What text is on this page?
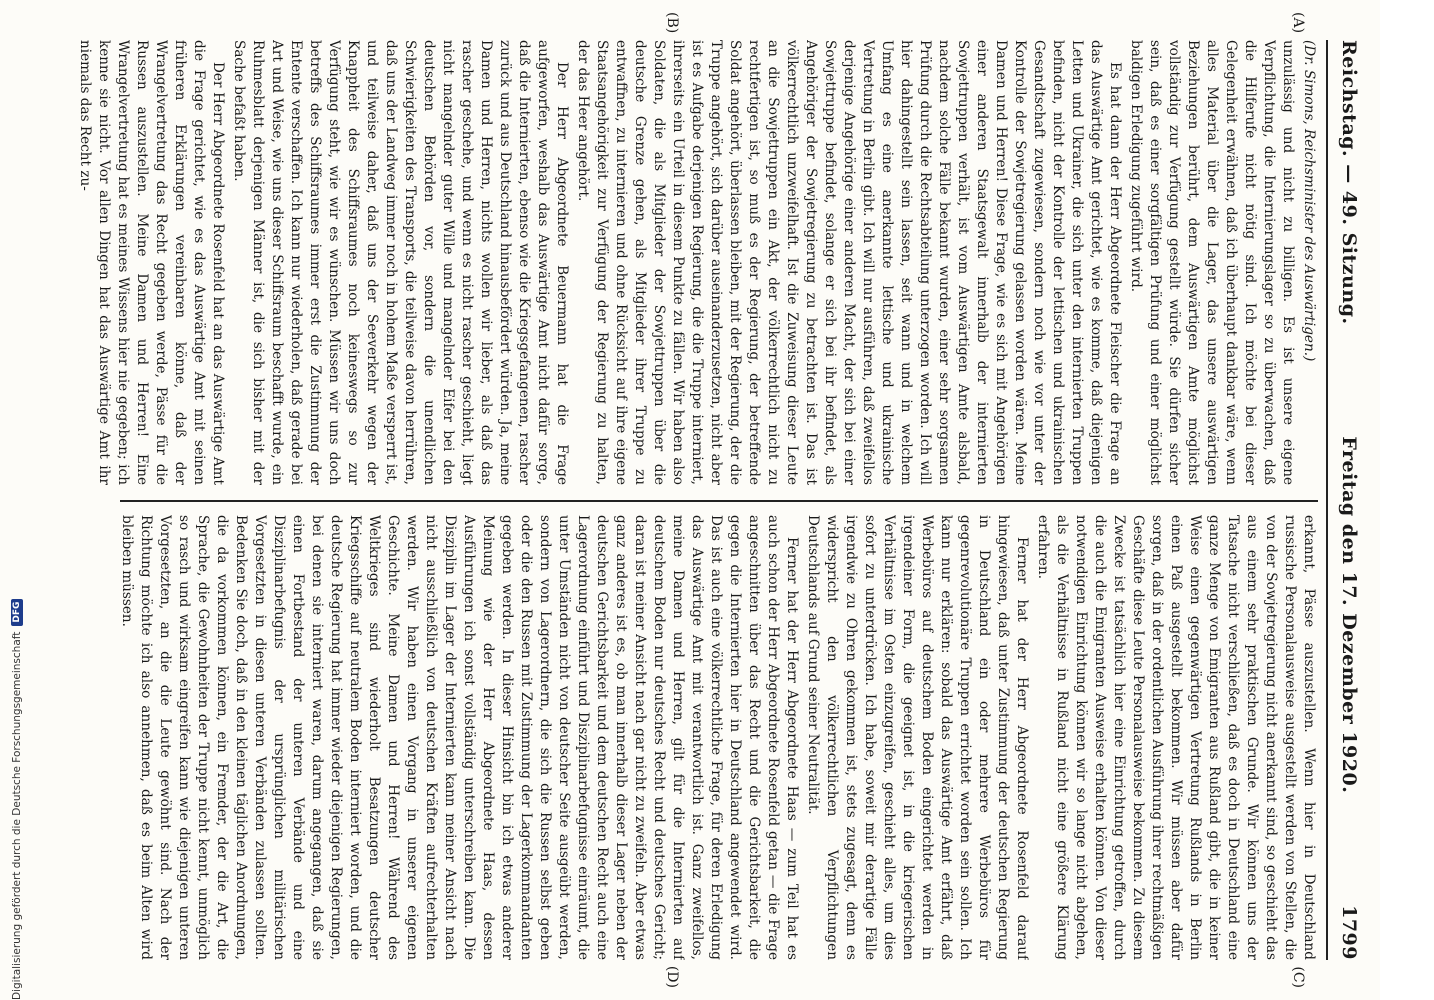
Reichstag. — 49. Sitzung.
Freitag den 17. Dezember 1920.
1799
(A)
(B)
(C)
(D)

(Dr. Simons, Reichsminister des Auswärtigen.)

unzulässig und nicht zu billigen. Es ist unsere eigene Verpflichtung, die Internierungslager so zu überwachen, daß die Hilferufe nicht nötig sind. Ich möchte bei dieser Gelegenheit erwähnen, daß ich überhaupt dankbar wäre, wenn alles Material über die Lager, das unsere auswärtigen Beziehungen berührt, dem Auswärtigen Amte möglichst vollständig zur Verfügung gestellt würde. Sie dürfen sicher sein, daß es einer sorgfältigen Prüfung und einer möglichst baldigen Erledigung zugeführt wird.

Es hat dann der Herr Abgeordnete Fleischer die Frage an das Auswärtige Amt gerichtet, wie es komme, daß diejenigen Letten und Ukrainer, die sich unter den internierten Truppen befinden, nicht der Kontrolle der lettischen und ukrainischen Gesandtschaft zugewiesen, sondern noch wie vor unter der Kontrolle der Sowjetregierung gelassen worden wären. Meine Damen und Herren! Diese Frage, wie es sich mit Angehörigen einer anderen Staatsgewalt innerhalb der internierten Sowjettruppen verhält, ist vom Auswärtigen Amte alsbald, nachdem solche Fälle bekannt wurden, einer sehr sorgsamen Prüfung durch die Rechtsabteilung unterzogen worden. Ich will hier dahingestellt sein lassen, seit wann und in welchem Umfang es eine anerkannte lettische und ukrainische Vertretung in Berlin gibt. Ich will nur ausführen, daß zweifellos derjenige Angehörige einer anderen Macht, der sich bei einer Sowjettruppe befindet, solange er sich bei ihr befindet, als Angehöriger der Sowjetregierung zu betrachten ist. Das ist völkerrechtlich unzweifelhaft. Ist die Zuweisung dieser Leute an die Sowjettruppen ein Akt, der völkerrechtlich nicht zu rechtfertigen ist, so muß es der Regierung, der betreffende Soldat angehört, überlassen bleiben, mit der Regierung, der die Truppe angehört, sich darüber auseinanderzusetzen, nicht aber ist es Aufgabe derjenigen Regierung, die die Truppe interniert, ihrerseits ein Urteil in diesem Punkte zu fällen. Wir haben also Soldaten, die als Mitglieder der Sowjettruppen über die deutsche Grenze gehen, als Mitglieder ihrer Truppe zu entwaffnen, zu internieren und ohne Rücksicht auf ihre eigene Staatsangehörigkeit zur Verfügung der Regierung zu halten, der das Heer angehört.

Der Herr Abgeordnete Beuermann hat die Frage aufgeworfen, weshalb das Auswärtige Amt nicht dafür sorge, daß die Internierten, ebenso wie die Kriegsgefangenen, rascher zurück und aus Deutschland hinausbefördert würden. Ja, meine Damen und Herren, nichts wollen wir lieber, als daß das rascher geschehe, und wenn es nicht rascher geschieht, liegt nicht mangelnder guter Wille und mangelnder Eifer bei den deutschen Behörden vor, sondern die unendlichen Schwierigkeiten des Transports, die teilweise davon herrühren, daß uns der Landweg immer noch in hohem Maße versperrt ist, und teilweise daher, daß uns der Seeverkehr wegen der Knappheit des Schiffsraumes noch keineswegs so zur Verfügung steht, wie wir es wünschen. Müssen wir uns doch betreffs des Schiffsraumes immer erst die Zustimmung der Entente verschaffen. Ich kann nur wiederholen, daß gerade bei Art und Weise, wie uns dieser Schiffsraum beschafft wurde, ein Ruhmesblatt derjenigen Männer ist, die sich bisher mit der Sache befaßt haben.

Der Herr Abgeordnete Rosenfeld hat an das Auswärtige Amt die Frage gerichtet, wie es das Auswärtige Amt mit seinen früheren Erklärungen vereinbaren könne, daß der Wrangelvertretung das Recht gegeben werde, Pässe für die Russen auszustellen. Meine Damen und Herren! Eine Wrangelvertretung hat es meines Wissens hier nie gegeben; ich kenne sie nicht. Vor allen Dingen hat das Auswärtige Amt ihr niemals das Recht zu-

erkannt, Pässe auszustellen. Wenn hier in Deutschland russische Personalausweise ausgestellt werden von Stellen, die von der Sowjetregierung nicht anerkannt sind, so geschieht das aus einem sehr praktischen Grunde. Wir können uns der Tatsache nicht verschließen, daß es doch in Deutschland eine ganze Menge von Emigranten aus Rußland gibt, die in keiner Weise einen gegenwärtigen Vertretung Rußlands in Berlin einen Paß ausgestellt bekommen. Wir müssen aber dafür sorgen, daß in der ordentlichen Ausführung ihrer rechtmäßigen Geschäfte diese Leute Personalausweise bekommen. Zu diesem Zwecke ist tatsächlich hier eine Einrichtung getroffen, durch die auch die Emigranten Ausweise erhalten können. Von dieser notwendigen Einrichtung können wir so lange nicht abgehen, als die Verhältnisse in Rußland nicht eine größere Klärung erfahren.

Ferner hat der Herr Abgeordnete Rosenfeld darauf hingewiesen, daß unter Zustimmung der deutschen Regierung in Deutschland ein oder mehrere Werbebüros für gegenrevolutionäre Truppen errichtet worden sein sollen. Ich kann nur erklären: sobald das Auswärtige Amt erfährt, daß Werbebüros auf deutschem Boden eingerichtet werden in irgendeiner Form, die geeignet ist, in die kriegerischen Verhältnisse im Osten einzugreifen, geschieht alles, um dies sofort zu unterdrücken. Ich habe, soweit mir derartige Fälle irgendwie zu Ohren gekommen ist, stets zugesagt, denn es widerspricht den völkerrechtlichen Verpflichtungen Deutschlands auf Grund seiner Neutralität.

Ferner hat der Herr Abgeordnete Haas — zum Teil hat es auch schon der Herr Abgeordnete Rosenfeld getan — die Frage angeschnitten über das Recht und die Gerichtsbarkeit, die gegen die Internierten hier in Deutschland angewendet wird. Das ist auch eine völkerrechtliche Frage, für deren Erledigung das Auswärtige Amt mit verantwortlich ist. Ganz zweifellos, meine Damen und Herren, gilt für die Internierten auf deutschem Boden nur deutsches Recht und deutsches Gericht; daran ist meiner Ansicht nach gar nicht zu zweifeln. Aber etwas ganz anderes ist es, ob man innerhalb dieser Lager neben der deutschen Gerichtsbarkeit und dem deutschen Recht auch eine Lagerordnung einführt und Disziplinarbefugnisse einräumt, die unter Umständen nicht von deutscher Seite ausgeübt werden, sondern von Lagerordnern, die sich die Russen selbst geben oder die den Russen mit Zustimmung der Lagerkommandanten gegeben werden. In dieser Hinsicht bin ich etwas anderer Meinung wie der Herr Abgeordnete Haas, dessen Ausführungen ich sonst vollständig unterschreiben kann. Die Disziplin im Lager der Internierten kann meiner Ansicht nach nicht ausschließlich von deutschen Kräften aufrechterhalten werden. Wir haben einen Vorgang in unserer eigenen Geschichte. Meine Damen und Herren! Während des Weltkrieges sind wiederholt Besatzungen deutscher Kriegsschiffe auf neutralem Boden interniert worden, und die deutsche Regierung hat immer wieder diejenigen Regierungen, bei denen sie interniert waren, darum angegangen, daß sie einen Fortbestand der unteren Verbände und eine Disziplinarbefugnis der ursprünglichen militärischen Vorgesetzten in diesen unteren Verbänden zulassen sollten. Bedenken Sie doch, daß in den kleinen täglichen Anordnungen, die da vorkommen können, ein Fremder, der die Art, die Sprache, die Gewohnheiten der Truppe nicht kennt, unmöglich so rasch und wirksam eingreifen kann wie diejenigen unteren Vorgesetzten, an die die Leute gewöhnt sind. Nach der Richtung möchte ich also annehmen, daß es beim Alten wird bleiben müssen.

Digitalisierung gefördert durch die Deutsche Forschungsgemeinschaft
DFG
